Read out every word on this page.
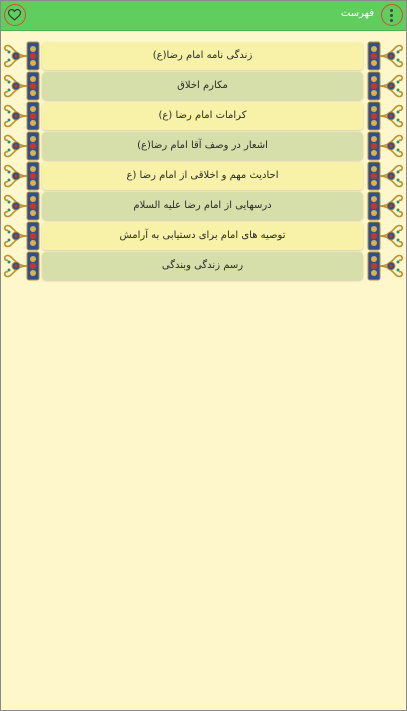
فهرست
زندگی نامه امام رضا(ع)
مکارم اخلاق
کرامات امام رضا (ع)
اشعار در وصف آقا امام رضا(ع)
احادیث مهم و اخلاقی از امام رضا (ع
درسهایی از امام رضا علیه السلام
توصیه های امام برای دستیابی به آرامش
رسم زندگی وبندگی
